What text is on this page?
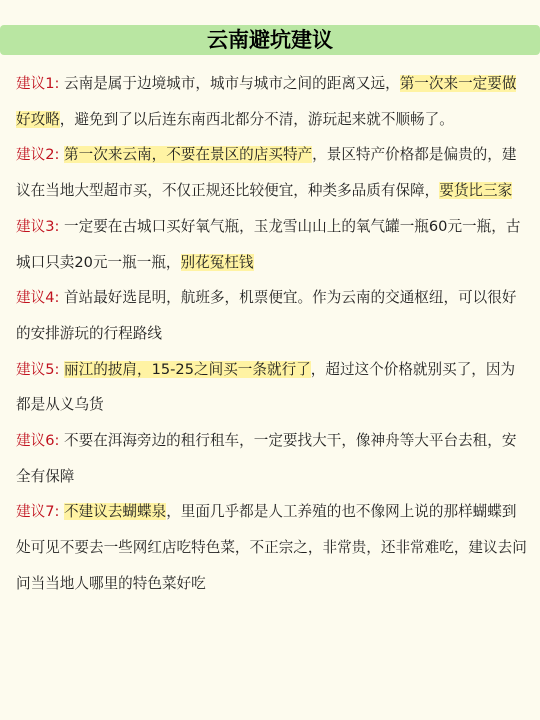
云南避坑建议

建议1: 云南是属于边境城市，城市与城市之间的距离又远，第一次来一定要做好攻略，避免到了以后连东南西北都分不清，游玩起来就不顺畅了。

建议2: 第一次来云南，不要在景区的店买特产，景区特产价格都是偏贵的，建议在当地大型超市买，不仅正规还比较便宜，种类多品质有保障，要货比三家

建议3: 一定要在古城口买好氧气瓶，玉龙雪山山上的氧气罐一瓶60元一瓶，古城口只卖20元一瓶一瓶，别花冤枉钱

建议4: 首站最好选昆明，航班多，机票便宜。作为云南的交通枢纽，可以很好的安排游玩的行程路线

建议5: 丽江的披肩，15-25之间买一条就行了，超过这个价格就别买了，因为都是从义乌货

建议6: 不要在洱海旁边的租行租车，一定要找大干，像神舟等大平台去租，安全有保障

建议7: 不建议去蝴蝶泉，里面几乎都是人工养殖的也不像网上说的那样蝴蝶到处可见不要去一些网红店吃特色菜，不正宗之，非常贵，还非常难吃，建议去问问当当地人哪里的特色菜好吃
